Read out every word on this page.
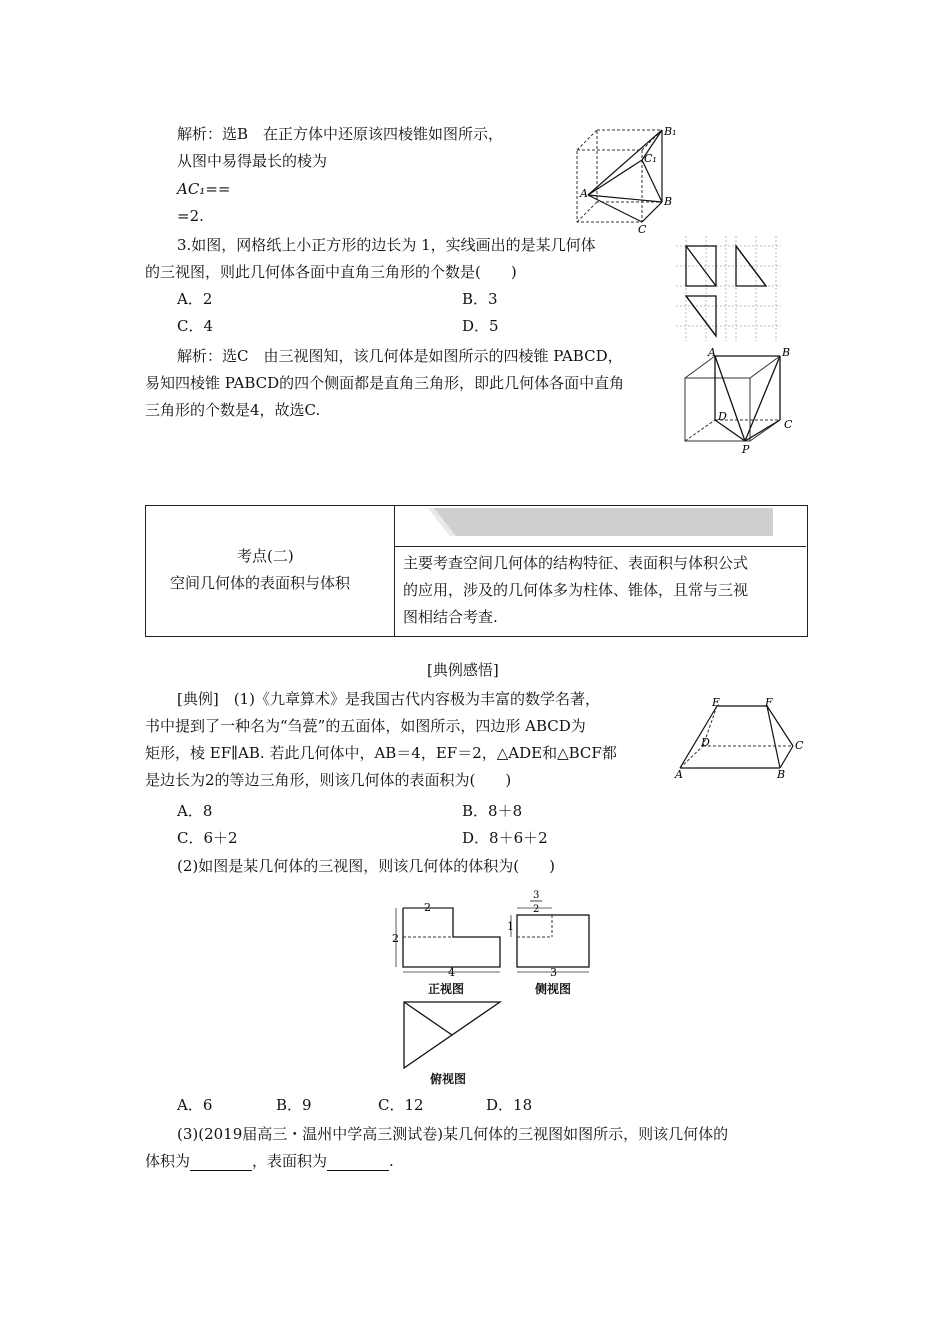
解析：选B　在正方体中还原该四棱锥如图所示，
从图中易得最长的棱为
AC₁==
=2.
B₁
C₁
A
B
C
3.如图，网格纸上小正方形的边长为 1，实线画出的是某几何体
的三视图，则此几何体各面中直角三角形的个数是(　　)
A．2	B．3
C．4	D．5
解析：选C　由三视图知，该几何体是如图所示的四棱锥 PABCD，
易知四棱锥 PABCD的四个侧面都是直角三角形，即此几何体各面中直角
三角形的个数是4，故选C.
A	B
D
C
P
考点(二)
空间几何体的表面积与体积
主要考查空间几何体的结构特征、表面积与体积公式
的应用，涉及的几何体多为柱体、锥体，且常与三视
图相结合考查.
[典例感悟]
[典例]　(1)《九章算术》是我国古代内容极为丰富的数学名著，
书中提到了一种名为“刍甍”的五面体，如图所示，四边形 ABCD为
矩形，棱 EF∥AB. 若此几何体中，AB＝4，EF＝2，△ADE和△BCF都
是边长为2的等边三角形，则该几何体的表面积为(　　)
A．8	B．8＋8
C．6＋2	D．8＋6＋2
E	F
D	C
A	B
(2)如图是某几何体的三视图，则该几何体的体积为(　　)
2
2
4
正视图
3
2
1
3
侧视图
俯视图
A．6	B．9	C．12	D．18
(3)(2019届高三・温州中学高三测试卷)某几何体的三视图如图所示，则该几何体的
体积为	，表面积为	.
